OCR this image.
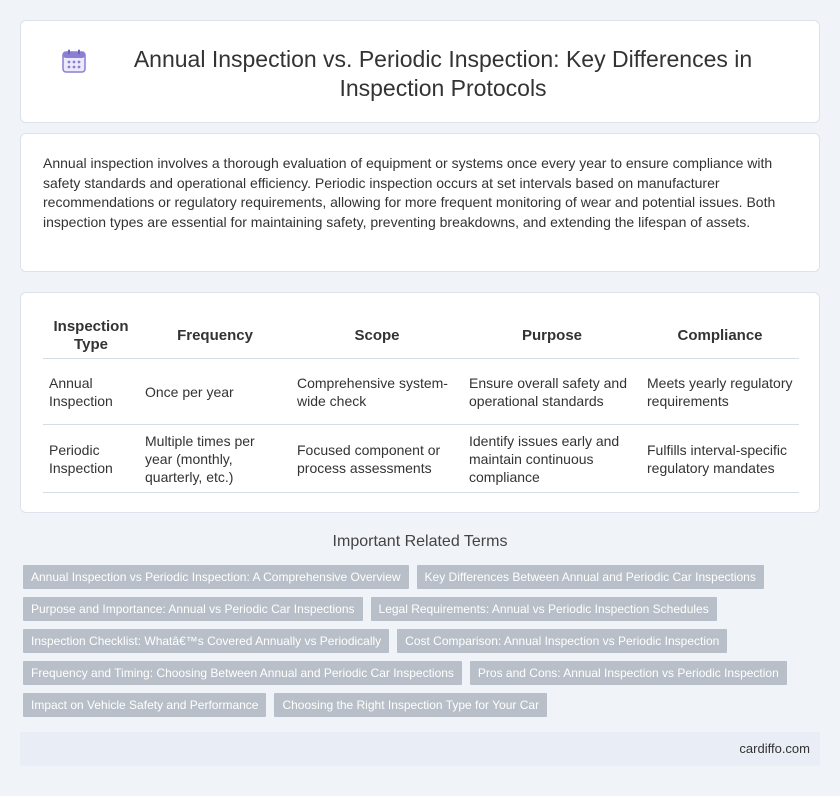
Annual Inspection vs. Periodic Inspection: Key Differences in Inspection Protocols

Annual inspection involves a thorough evaluation of equipment or systems once every year to ensure compliance with safety standards and operational efficiency. Periodic inspection occurs at set intervals based on manufacturer recommendations or regulatory requirements, allowing for more frequent monitoring of wear and potential issues. Both inspection types are essential for maintaining safety, preventing breakdowns, and extending the lifespan of assets.

Inspection Type	Frequency	Scope	Purpose	Compliance
Annual Inspection	Once per year	Comprehensive system-wide check	Ensure overall safety and operational standards	Meets yearly regulatory requirements
Periodic Inspection	Multiple times per year (monthly, quarterly, etc.)	Focused component or process assessments	Identify issues early and maintain continuous compliance	Fulfills interval-specific regulatory mandates
Important Related Terms
Annual Inspection vs Periodic Inspection: A Comprehensive Overview	Key Differences Between Annual and Periodic Car Inspections
Purpose and Importance: Annual vs Periodic Car Inspections	Legal Requirements: Annual vs Periodic Inspection Schedules
Inspection Checklist: Whatâ€™s Covered Annually vs Periodically	Cost Comparison: Annual Inspection vs Periodic Inspection
Frequency and Timing: Choosing Between Annual and Periodic Car Inspections	Pros and Cons: Annual Inspection vs Periodic Inspection
Impact on Vehicle Safety and Performance	Choosing the Right Inspection Type for Your Car
cardiffo.com
